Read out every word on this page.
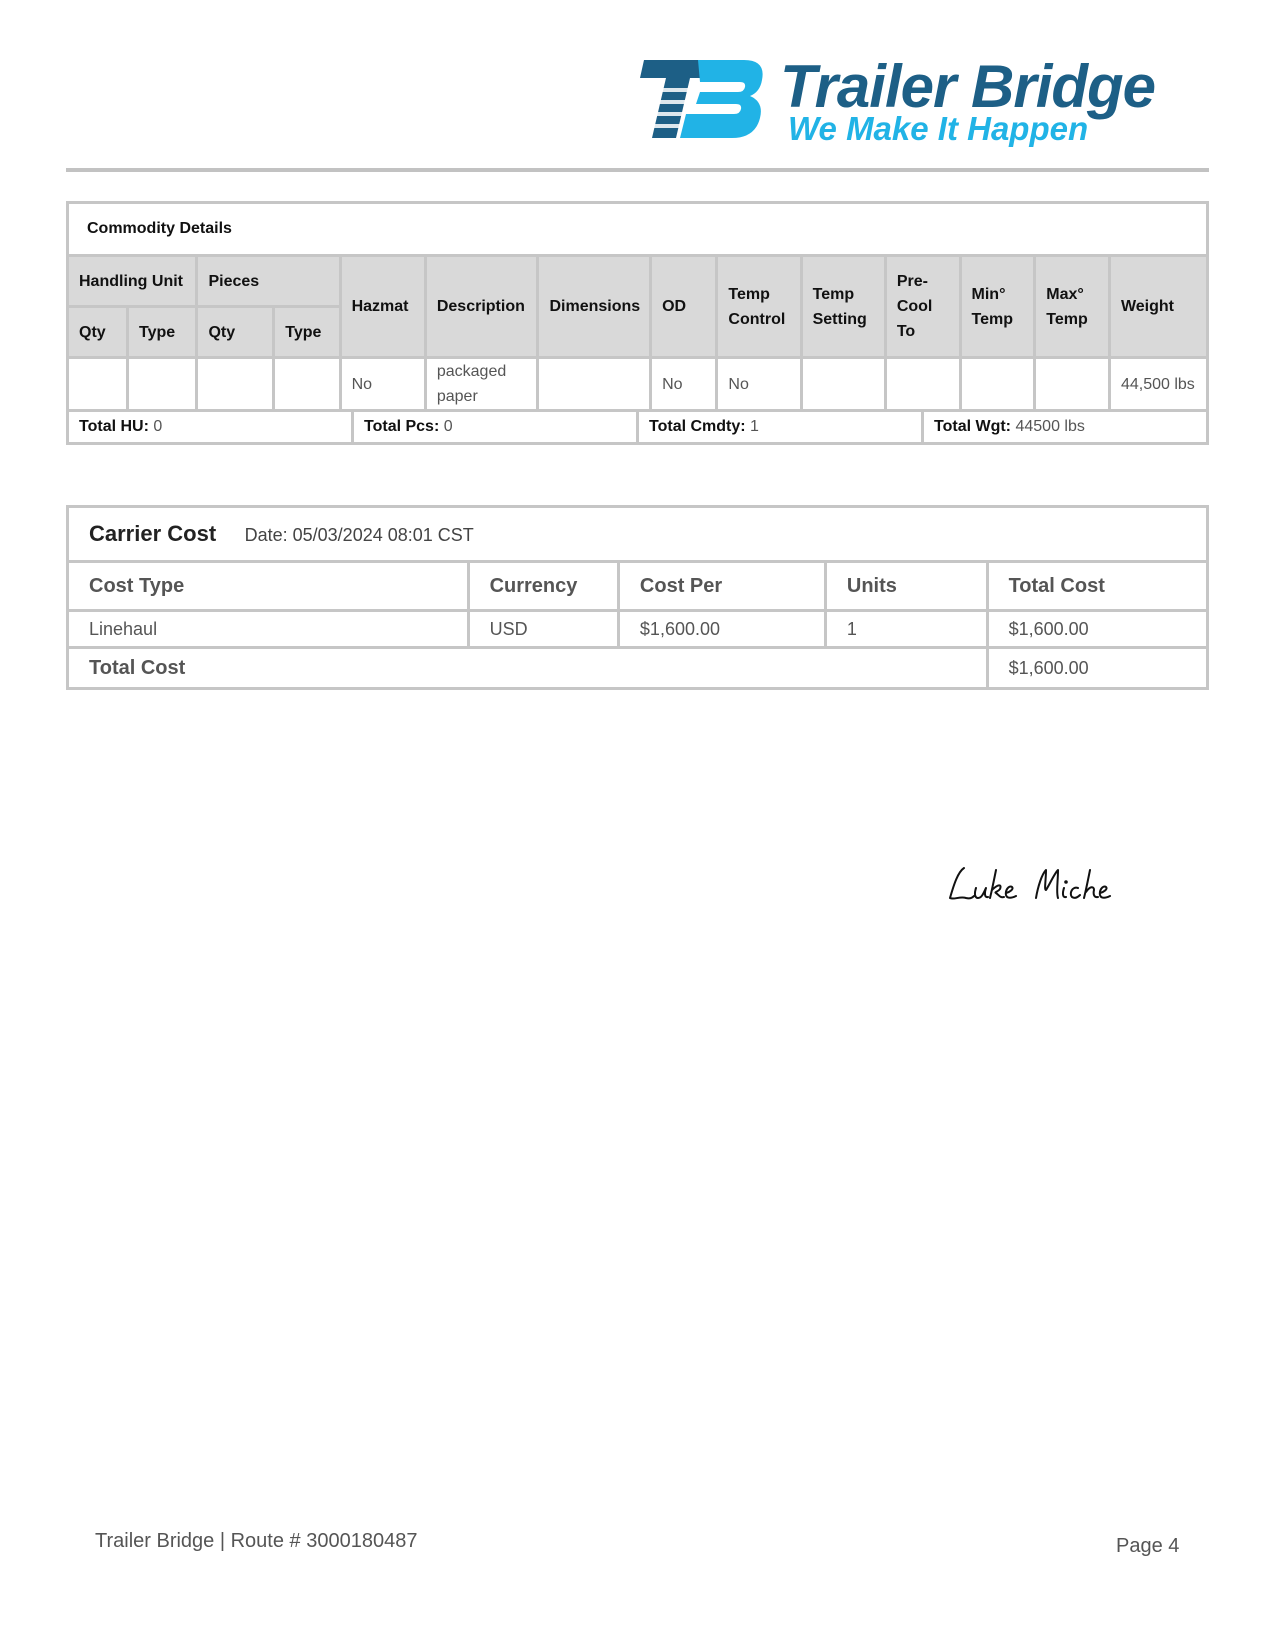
Trailer Bridge
We Make It Happen
Commodity Details													
Handling Unit		Pieces		Hazmat	Description	Dimensions	OD	Temp Control	Temp Setting	Pre-Cool To	Min° Temp	Max° Temp	Weight
Qty	Type	Qty	Type										
				No	packaged paper		No	No					44,500 lbs
Total HU: 0	Total Pcs: 0	Total Cmdty: 1	Total Wgt: 44500 lbs
Carrier Cost Date: 05/03/2024 08:01 CST				
Cost Type	Currency	Cost Per	Units	Total Cost
Linehaul	USD	$1,600.00	1	$1,600.00
Total Cost				$1,600.00
Trailer Bridge | Route # 3000180487	Page 4
